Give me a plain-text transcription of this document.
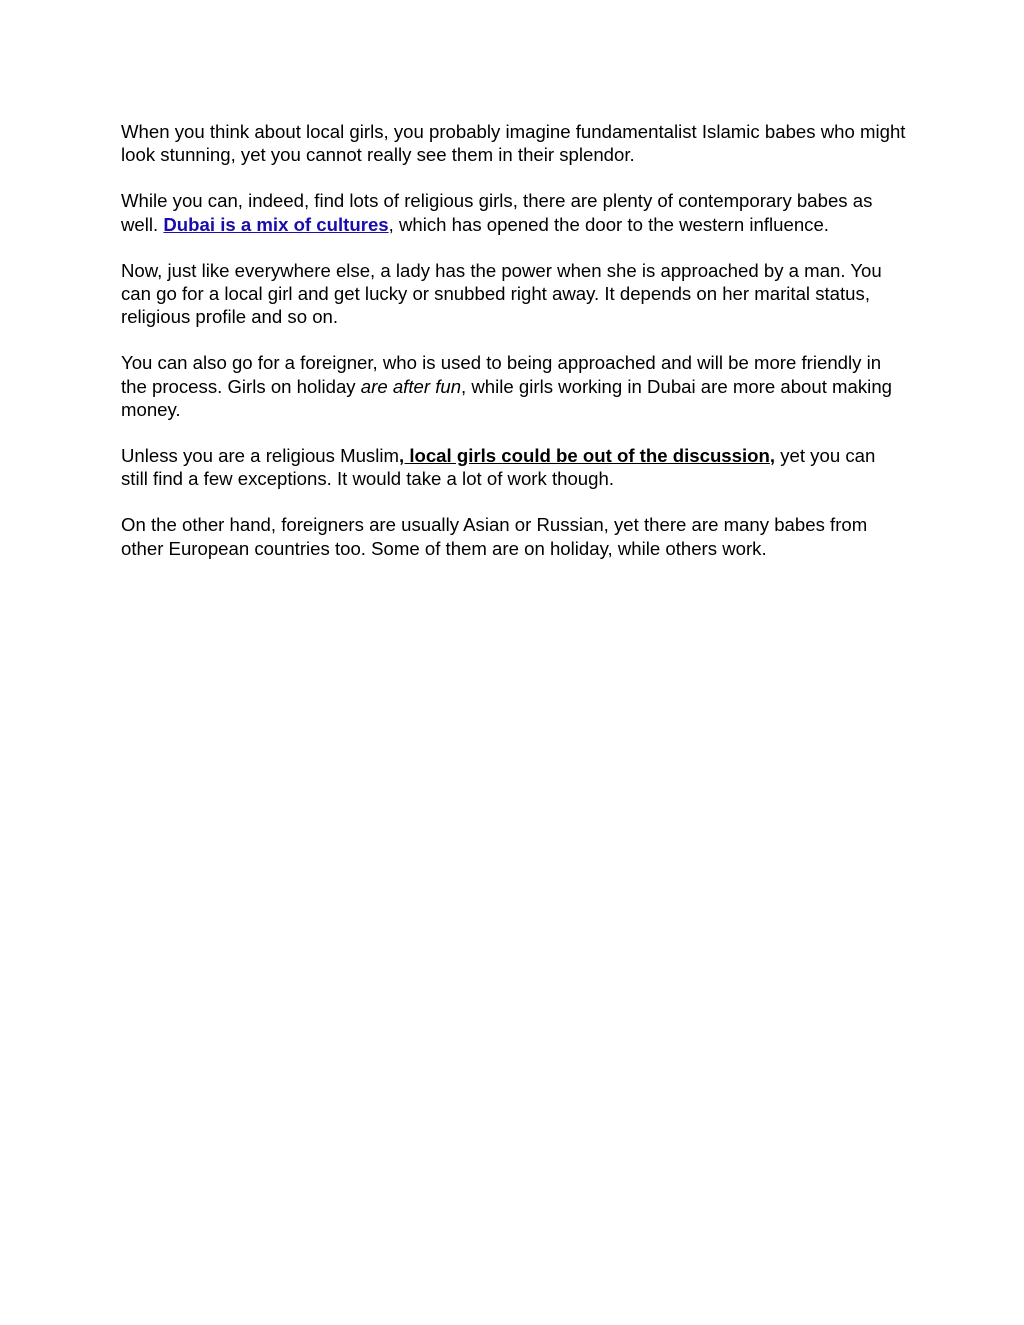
When you think about local girls, you probably imagine fundamentalist Islamic babes who might look stunning, yet you cannot really see them in their splendor.

While you can, indeed, find lots of religious girls, there are plenty of contemporary babes as well. Dubai is a mix of cultures, which has opened the door to the western influence.

Now, just like everywhere else, a lady has the power when she is approached by a man. You can go for a local girl and get lucky or snubbed right away. It depends on her marital status, religious profile and so on.

You can also go for a foreigner, who is used to being approached and will be more friendly in the process. Girls on holiday are after fun, while girls working in Dubai are more about making money.

Unless you are a religious Muslim, local girls could be out of the discussion, yet you can still find a few exceptions. It would take a lot of work though.

On the other hand, foreigners are usually Asian or Russian, yet there are many babes from other European countries too. Some of them are on holiday, while others work.
